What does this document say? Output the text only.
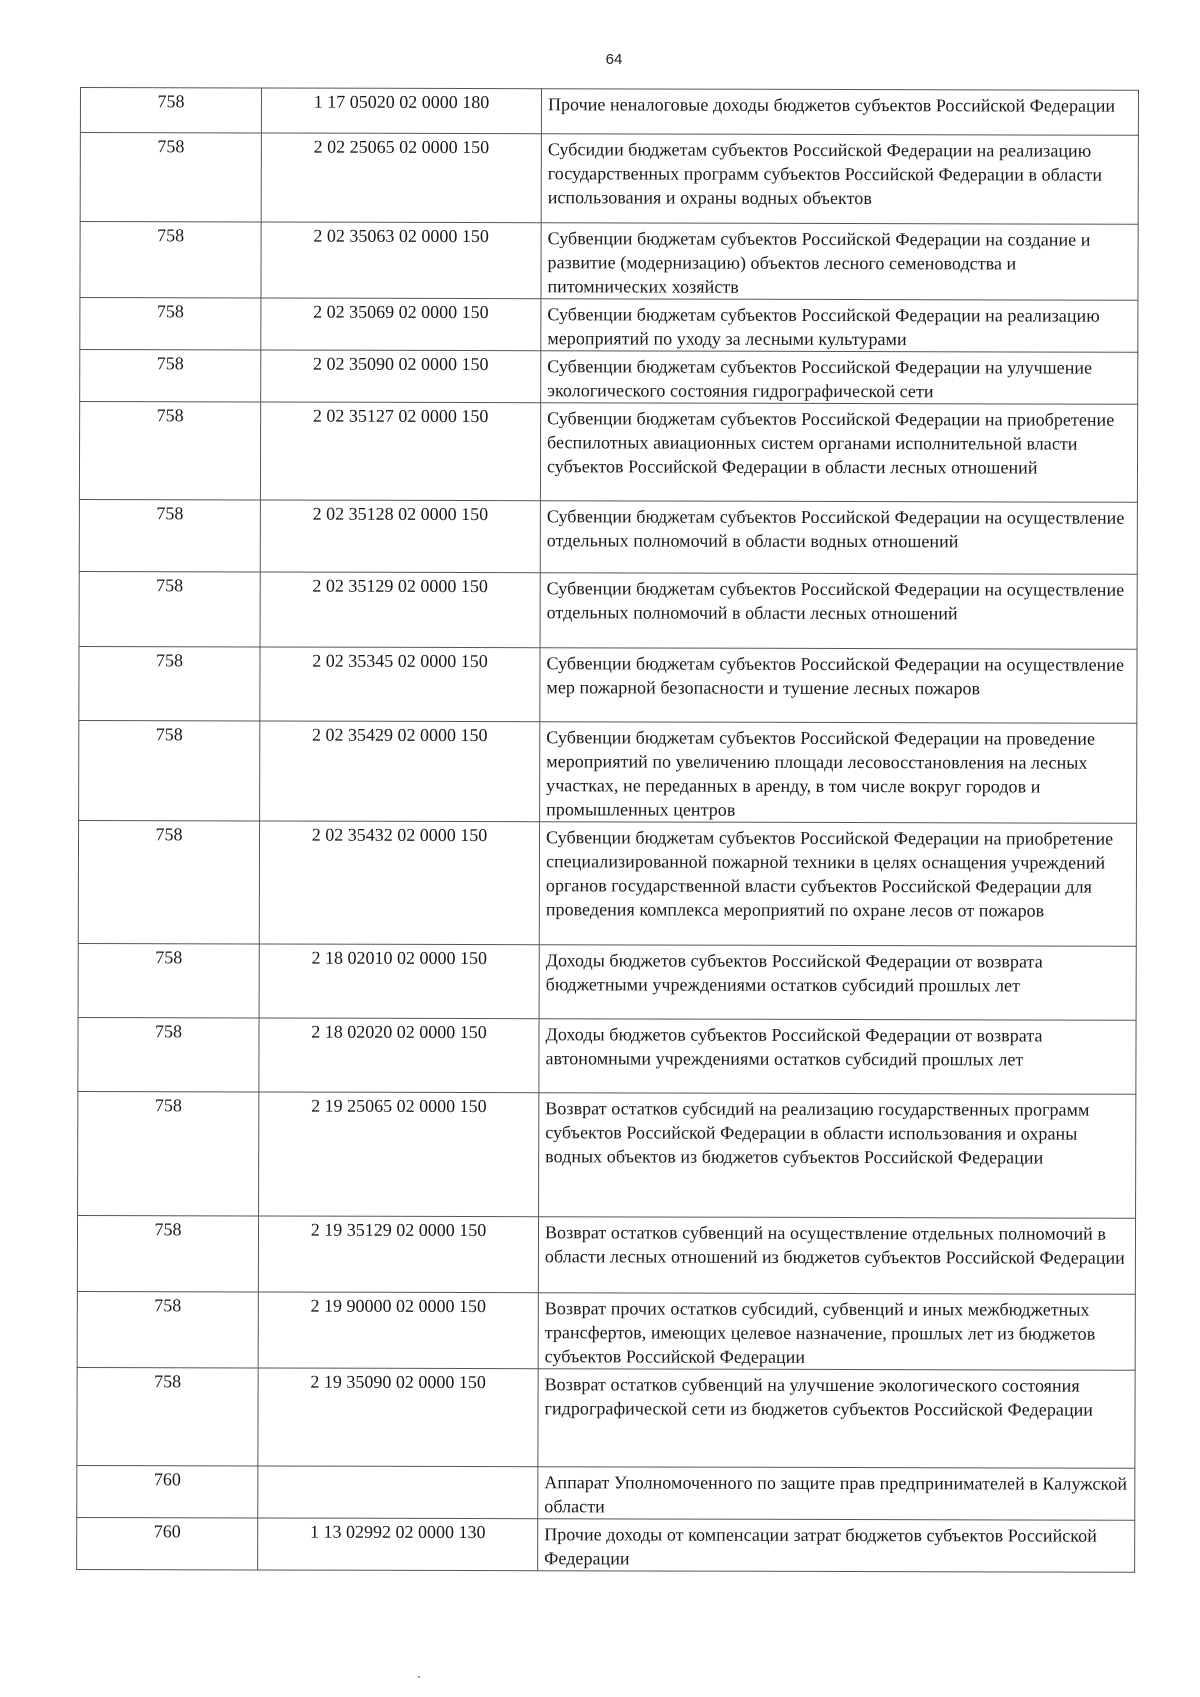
64
758	1 17 05020 02 0000 180	Прочие неналоговые доходы бюджетов субъектов Российской Федерации

758	2 02 25065 02 0000 150	Субсидии бюджетам субъектов Российской Федерации на реализацию государственных программ субъектов Российской Федерации в области использования и охраны водных объектов

758	2 02 35063 02 0000 150	Субвенции бюджетам субъектов Российской Федерации на создание и развитие (модернизацию) объектов лесного семеноводства и питомнических хозяйств

758	2 02 35069 02 0000 150	Субвенции бюджетам субъектов Российской Федерации на реализацию мероприятий по уходу за лесными культурами

758	2 02 35090 02 0000 150	Субвенции бюджетам субъектов Российской Федерации на улучшение экологического состояния гидрографической сети

758	2 02 35127 02 0000 150	Субвенции бюджетам субъектов Российской Федерации на приобретение беспилотных авиационных систем органами исполнительной власти субъектов Российской Федерации в области лесных отношений

758	2 02 35128 02 0000 150	Субвенции бюджетам субъектов Российской Федерации на осуществление отдельных полномочий в области водных отношений

758	2 02 35129 02 0000 150	Субвенции бюджетам субъектов Российской Федерации на осуществление отдельных полномочий в области лесных отношений

758	2 02 35345 02 0000 150	Субвенции бюджетам субъектов Российской Федерации на осуществление мер пожарной безопасности и тушение лесных пожаров

758	2 02 35429 02 0000 150	Субвенции бюджетам субъектов Российской Федерации на проведение мероприятий по увеличению площади лесовосстановления на лесных участках, не переданных в аренду, в том числе вокруг городов и промышленных центров

758	2 02 35432 02 0000 150	Субвенции бюджетам субъектов Российской Федерации на приобретение специализированной пожарной техники в целях оснащения учреждений органов государственной власти субъектов Российской Федерации для проведения комплекса мероприятий по охране лесов от пожаров

758	2 18 02010 02 0000 150	Доходы бюджетов субъектов Российской Федерации от возврата бюджетными учреждениями остатков субсидий прошлых лет

758	2 18 02020 02 0000 150	Доходы бюджетов субъектов Российской Федерации от возврата автономными учреждениями остатков субсидий прошлых лет

758	2 19 25065 02 0000 150	Возврат остатков субсидий на реализацию государственных программ субъектов Российской Федерации в области использования и охраны водных объектов из бюджетов субъектов Российской Федерации

758	2 19 35129 02 0000 150	Возврат остатков субвенций на осуществление отдельных полномочий в области лесных отношений из бюджетов субъектов Российской Федерации

758	2 19 90000 02 0000 150	Возврат прочих остатков субсидий, субвенций и иных межбюджетных трансфертов, имеющих целевое назначение, прошлых лет из бюджетов субъектов Российской Федерации

758	2 19 35090 02 0000 150	Возврат остатков субвенций на улучшение экологического состояния гидрографической сети из бюджетов субъектов Российской Федерации

760		Аппарат Уполномоченного по защите прав предпринимателей в Калужской области

760	1 13 02992 02 0000 130	Прочие доходы от компенсации затрат бюджетов субъектов Российской Федерации
